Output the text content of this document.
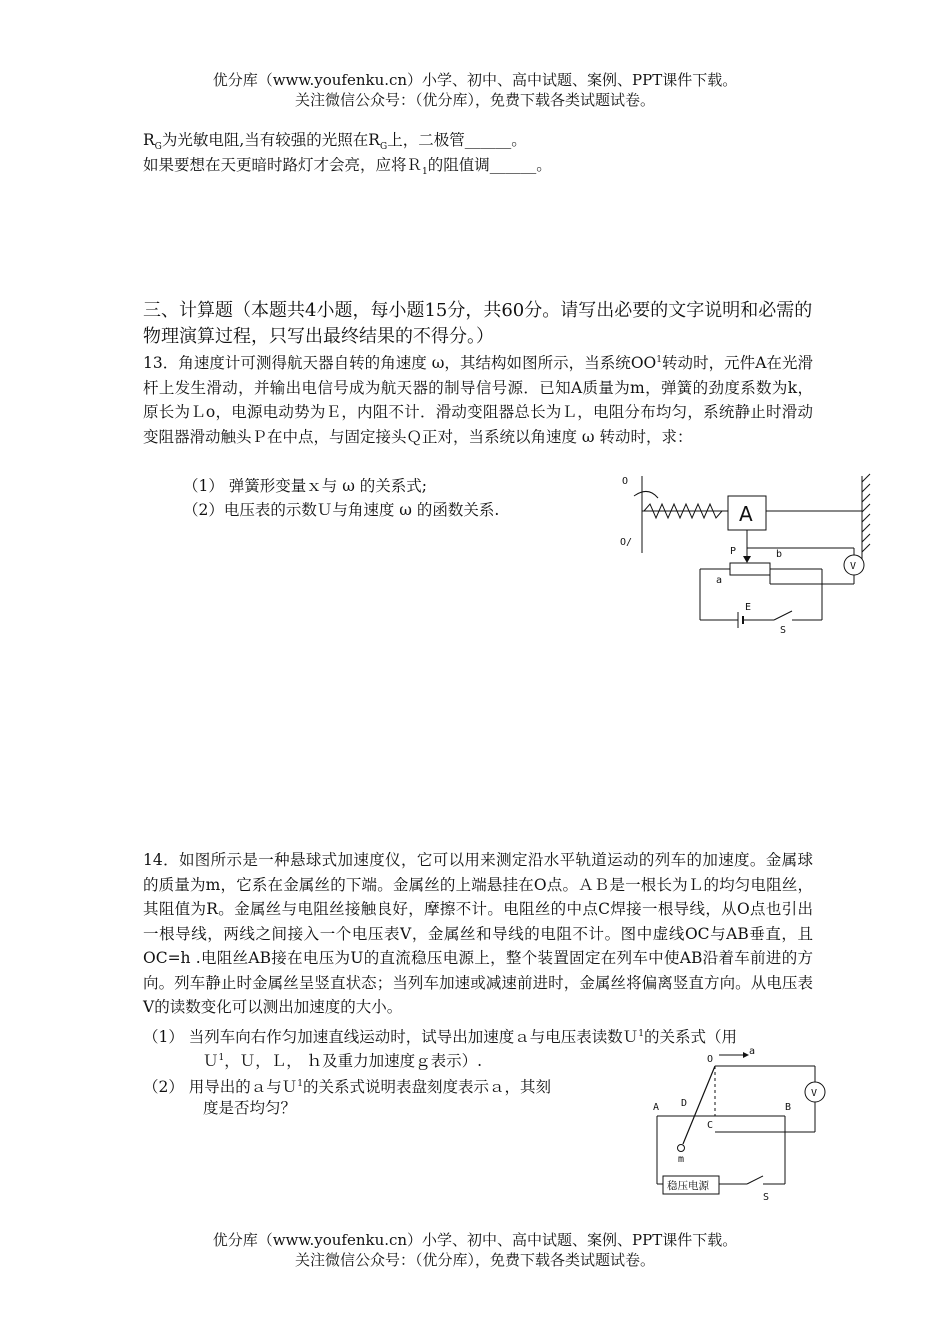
优分库（www.youfenku.cn）小学、初中、高中试题、案例、PPT课件下载。
关注微信公众号：（优分库），免费下载各类试题试卷。
$R_G$为光敏电阻,当有较强的光照在$R_G$上，二极管______。
如果要想在天更暗时路灯才会亮，应将Ｒ$_1$的阻值调______。
三、计算题（本题共4小题，每小题15分，共60分。请写出必要的文字说明和必需的物理演算过程，只写出最终结果的不得分。）
13．角速度计可测得航天器自转的角速度 ω，其结构如图所示，当系统$OO^1$转动时，元件A在光滑杆上发生滑动，并输出电信号成为航天器的制导信号源．已知A质量为m，弹簧的劲度系数为k，原长为Ｌo，电源电动势为Ｅ，内阻不计．滑动变阻器总长为Ｌ，电阻分布均匀，系统静止时滑动变阻器滑动触头Ｐ在中点，与固定接头Ｑ正对，当系统以角速度 ω 转动时，求：
（1） 弹簧形变量ｘ与 ω 的关系式;
（2）电压表的示数Ｕ与角速度 ω 的函数关系.
O
O/
A
P	b
V
a
E
S
14．如图所示是一种悬球式加速度仪，它可以用来测定沿水平轨道运动的列车的加速度。金属球的质量为m，它系在金属丝的下端。金属丝的上端悬挂在O点。ＡＢ是一根长为Ｌ的均匀电阻丝，其阻值为R。金属丝与电阻丝接触良好，摩擦不计。电阻丝的中点C焊接一根导线，从O点也引出一根导线，两线之间接入一个电压表V，金属丝和导线的电阻不计。图中虚线OC与AB垂直，且OC=h .电阻丝AB接在电压为U的直流稳压电源上，整个装置固定在列车中使AB沿着车前进的方向。列车静止时金属丝呈竖直状态；当列车加速或减速前进时，金属丝将偏离竖直方向。从电压表V的读数变化可以测出加速度的大小。
（1） 当列车向右作匀加速直线运动时，试导出加速度ａ与电压表读数Ｕ$^1$的关系式（用
Ｕ$^1$，Ｕ，Ｌ， ｈ及重力加速度ｇ表示）.
（2） 用导出的ａ与Ｕ$^1$的关系式说明表盘刻度表示ａ，其刻
度是否均匀？
O
a
V
A D	B
C
m
稳压电源
S
优分库（www.youfenku.cn）小学、初中、高中试题、案例、PPT课件下载。
关注微信公众号：（优分库），免费下载各类试题试卷。
